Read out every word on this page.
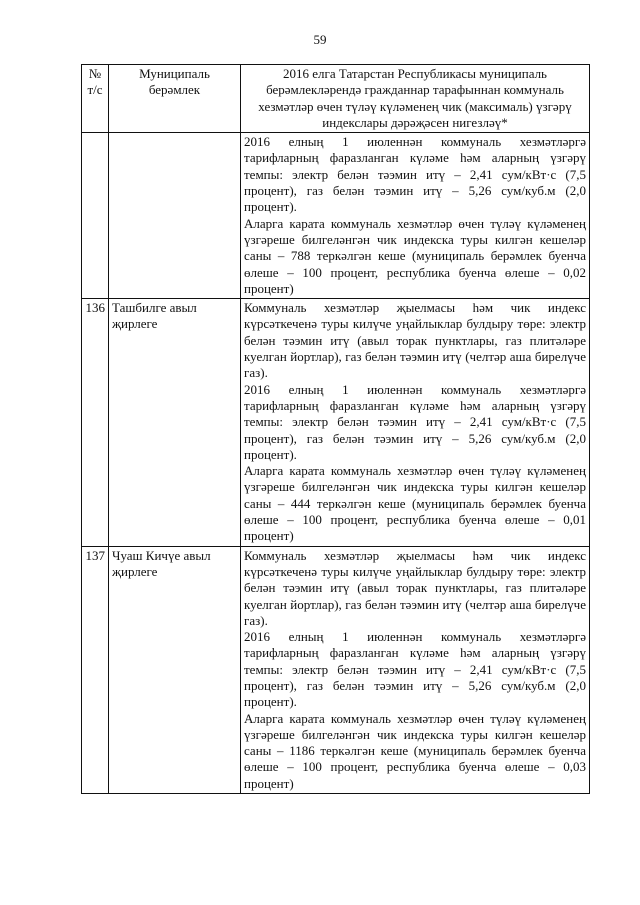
59
№ т/с	Муниципаль берәмлек	2016 елга Татарстан Республикасы муниципаль берәмлекләрендә гражданнар тарафыннан коммуналь хезмәтләр өчен түләү күләменең чик (максималь) үзгәрү индекслары дәрәҗәсен нигезләү*

		2016 елның 1 июленнән коммуналь хезмәтләргә тарифларның фаразланган күләме һәм аларның үзгәрү темпы: электр белән тәэмин итү – 2,41 сум/кВт·с (7,5 процент), газ белән тәэмин итү – 5,26 сум/куб.м (2,0 процент).

Аларга карата коммуналь хезмәтләр өчен түләү күләменең үзгәреше билгеләнгән чик индекска туры килгән кешеләр саны – 788 теркәлгән кеше (муниципаль берәмлек буенча өлеше – 100 процент, республика буенча өлеше – 0,02 процент)

136	Ташбилге авыл җирлеге	Коммуналь хезмәтләр җыелмасы һәм чик индекс күрсәткеченә туры килүче уңайлыклар булдыру төре: электр белән тәэмин итү (авыл торак пунктлары, газ плитәләре куелган йортлар), газ белән тәэмин итү (челтәр аша бирелүче газ).

2016 елның 1 июленнән коммуналь хезмәтләргә тарифларның фаразланган күләме һәм аларның үзгәрү темпы: электр белән тәэмин итү – 2,41 сум/кВт·с (7,5 процент), газ белән тәэмин итү – 5,26 сум/куб.м (2,0 процент).

Аларга карата коммуналь хезмәтләр өчен түләү күләменең үзгәреше билгеләнгән чик индекска туры килгән кешеләр саны – 444 теркәлгән кеше (муниципаль берәмлек буенча өлеше – 100 процент, республика буенча өлеше – 0,01 процент)

137	Чуаш Кичүе авыл җирлеге	Коммуналь хезмәтләр җыелмасы һәм чик индекс күрсәткеченә туры килүче уңайлыклар булдыру төре: электр белән тәэмин итү (авыл торак пунктлары, газ плитәләре куелган йортлар), газ белән тәэмин итү (челтәр аша бирелүче газ).

2016 елның 1 июленнән коммуналь хезмәтләргә тарифларның фаразланган күләме һәм аларның үзгәрү темпы: электр белән тәэмин итү – 2,41 сум/кВт·с (7,5 процент), газ белән тәэмин итү – 5,26 сум/куб.м (2,0 процент).

Аларга карата коммуналь хезмәтләр өчен түләү күләменең үзгәреше билгеләнгән чик индекска туры килгән кешеләр саны – 1186 теркәлгән кеше (муниципаль берәмлек буенча өлеше – 100 процент, республика буенча өлеше – 0,03 процент)
